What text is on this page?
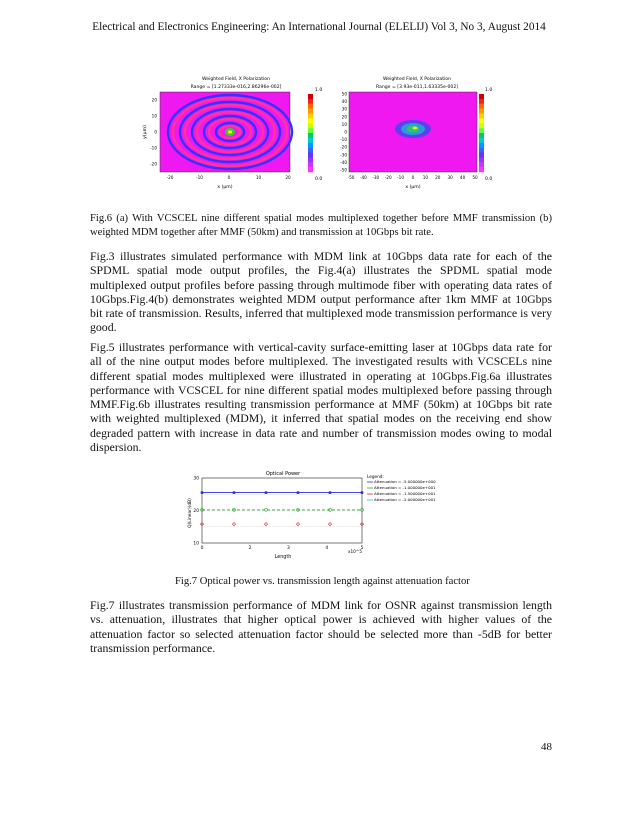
Electrical and Electronics Engineering: An International Journal (ELELIJ) Vol 3, No 3, August 2014
Weighted Field, X Polarization
Range = [1.27333e-016,2.86296e-002]
1.0
0.0
20
10
0
-10
-20
-20	-10	0	10	20
y(µm)
x (µm)
Weighted Field, X Polarization
Range = [3.93e-011,1.63335e-002]
1.0
0.0
50
40
30
20
10
0
-10
-20
-30
-40
-50
-50 -40 -30 -20 -10 0 10 20 30 40 50
x (µm)
Fig.6 (a) With VCSCEL nine different spatial modes multiplexed together before MMF transmission (b) weighted MDM together after MMF (50km) and transmission at 10Gbps bit rate.

Fig.3 illustrates simulated performance with MDM link at 10Gbps data rate for each of the SPDML spatial mode output profiles, the Fig.4(a) illustrates the SPDML spatial mode multiplexed output profiles before passing through multimode fiber with operating data rates of 10Gbps.Fig.4(b) demonstrates weighted MDM output performance after 1km MMF at 10Gbps bit rate of transmission. Results, inferred that multiplexed mode transmission performance is very good.

Fig.5 illustrates performance with vertical-cavity surface-emitting laser at 10Gbps data rate for all of the nine output modes before multiplexed. The investigated results with VCSCELs nine different spatial modes multiplexed were illustrated in operating at 10Gbps.Fig.6a illustrates performance with VCSCEL for nine different spatial modes multiplexed before passing through MMF.Fig.6b illustrates resulting transmission performance at MMF (50km) at 10Gbps bit rate with weighted multiplexed (MDM), it inferred that spatial modes on the receiving end show degraded pattern with increase in data rate and number of transmission modes owing to modal dispersion.

Optical Power
30
20
10
0	2	3	4	5
Q(Linear)(dB)
Length
x10^5
Legend:
Attenuation = -5.000000e+000
Attenuation = -1.000000e+001
Attenuation = -1.500000e+001
Attenuation = -2.000000e+001
Fig.7 Optical power vs. transmission length against attenuation factor

Fig.7 illustrates transmission performance of MDM link for OSNR against transmission length vs. attenuation, illustrates that higher optical power is achieved with higher values of the attenuation factor so selected attenuation factor should be selected more than -5dB for better transmission performance.

48
